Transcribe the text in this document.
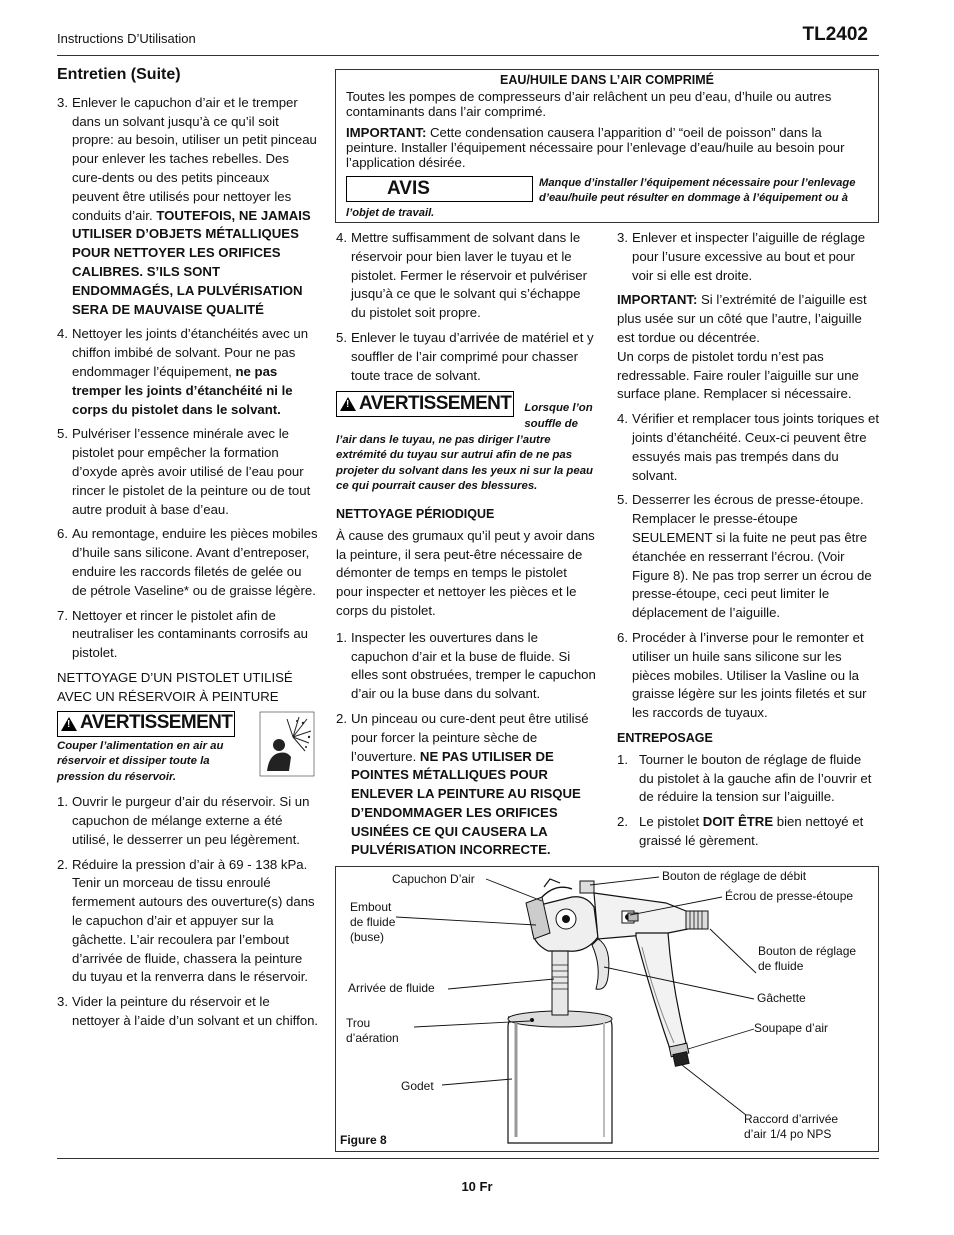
Instructions D’Utilisation	TL2402
Entretien (Suite)
3. Enlever le capuchon d’air et le tremper dans un solvant jusqu’à ce qu’il soit propre: au besoin, utiliser un petit pinceau pour enlever les taches rebelles. Des cure-dents ou des petits pinceaux peuvent être utilisés pour nettoyer les conduits d’air. TOUTEFOIS, NE JAMAIS UTILISER D’OBJETS MÉTALLIQUES POUR NETTOYER LES ORIFICES CALIBRES. S’ILS SONT ENDOMMAGÉS, LA PULVÉRISATION SERA DE MAUVAISE QUALITÉ
4. Nettoyer les joints d’étanchéités avec un chiffon imbibé de solvant. Pour ne pas endommager l’équipement, ne pas tremper les joints d’étanchéité ni le corps du pistolet dans le solvant.
5. Pulvériser l’essence minérale avec le pistolet pour empêcher la formation d’oxyde après avoir utilisé de l’eau pour rincer le pistolet de la peinture ou de tout autre produit à base d’eau.
6. Au remontage, enduire les pièces mobiles d’huile sans silicone. Avant d’entreposer, enduire les raccords filetés de gelée ou de pétrole Vaseline* ou de graisse légère.
7. Nettoyer et rincer le pistolet afin de neutraliser les contaminants corrosifs au pistolet.
NETTOYAGE D’UN PISTOLET UTILISÉ AVEC UN RÉSERVOIR À PEINTURE
! AVERTISSEMENT
Couper l’alimentation en air au réservoir et dissiper toute la pression du réservoir.
1. Ouvrir le purgeur d’air du réservoir. Si un capuchon de mélange externe a été utilisé, le desserrer un peu légèrement.
2. Réduire la pression d’air à 69 - 138 kPa. Tenir un morceau de tissu enroulé fermement autours des ouverture(s) dans le capuchon d’air et appuyer sur la gâchette. L’air recoulera par l’embout d’arrivée de fluide, chassera la peinture du tuyau et la renverra dans le réservoir.
3. Vider la peinture du réservoir et le nettoyer à l’aide d’un solvant et un chiffon.
EAU/HUILE DANS L’AIR COMPRIMÉ
Toutes les pompes de compresseurs d’air relâchent un peu d’eau, d’huile ou autres contaminants dans l’air comprimé.
IMPORTANT: Cette condensation causera l’apparition d’ “oeil de poisson” dans la peinture. Installer l’équipement nécessaire pour l’enlevage d’eau/huile au besoin pour l’application désirée.
AVIS	Manque d’installer l’équipement nécessaire pour l’enlevage d’eau/huile peut résulter en dommage à l’équipement ou à l’objet de travail.
4. Mettre suffisamment de solvant dans le réservoir pour bien laver le tuyau et le pistolet. Fermer le réservoir et pulvériser jusqu’à ce que le solvant qui s’échappe du pistolet soit propre.
5. Enlever le tuyau d’arrivée de matériel et y souffler de l’air comprimé pour chasser toute trace de solvant.
! AVERTISSEMENT	Lorsque l’on souffle de l’air dans le tuyau, ne pas diriger l’autre extrémité du tuyau sur autrui afin de ne pas projeter du solvant dans les yeux ni sur la peau ce qui pourrait causer des blessures.
NETTOYAGE PÉRIODIQUE
À cause des grumaux qu’il peut y avoir dans la peinture, il sera peut-être nécessaire de démonter de temps en temps le pistolet pour inspecter et nettoyer les pièces et le corps du pistolet.
1. Inspecter les ouvertures dans le capuchon d’air et la buse de fluide. Si elles sont obstruées, tremper le capuchon d’air ou la buse dans du solvant.
2. Un pinceau ou cure-dent peut être utilisé pour forcer la peinture sèche de l’ouverture. NE PAS UTILISER DE POINTES MÉTALLIQUES POUR ENLEVER LA PEINTURE AU RISQUE D’ENDOMMAGER LES ORIFICES USINÉES CE QUI CAUSERA LA PULVÉRISATION INCORRECTE.
3. Enlever et inspecter l’aiguille de réglage pour l’usure excessive au bout et pour voir si elle est droite.
IMPORTANT: Si l’extrémité de l’aiguille est plus usée sur un côté que l’autre, l’aiguille est tordue ou décentrée.
Un corps de pistolet tordu n’est pas redressable. Faire rouler l’aiguille sur une surface plane. Remplacer si nécessaire.
4. Vérifier et remplacer tous joints toriques et joints d’étanchéité. Ceux-ci peuvent être essuyés mais pas trempés dans du solvant.
5. Desserrer les écrous de presse-étoupe. Remplacer le presse-étoupe SEULEMENT si la fuite ne peut pas être étanchée en resserrant l’écrou. (Voir Figure 8). Ne pas trop serrer un écrou de presse-étoupe, ceci peut limiter le déplacement de l’aiguille.
6. Procéder à l’inverse pour le remonter et utiliser un huile sans silicone sur les pièces mobiles. Utiliser la Vasline ou la graisse légère sur les joints filetés et sur les raccords de tuyaux.
ENTREPOSAGE
1. Tourner le bouton de réglage de fluide du pistolet à la gauche afin de l’ouvrir et de réduire la tension sur l’aiguille.
2. Le pistolet DOIT ÊTRE bien nettoyé et graissé lé gèrement.
Capuchon D’air	Bouton de réglage de débit
Écrou de presse-étoupe
Embout
de fluide
(buse)
Bouton de réglage
de fluide
Arrivée de fluide
Gâchette
Trou
d’aération
Soupape d’air
Godet
Raccord d’arrivée
d’air 1/4 po NPS
Figure 8
10 Fr
